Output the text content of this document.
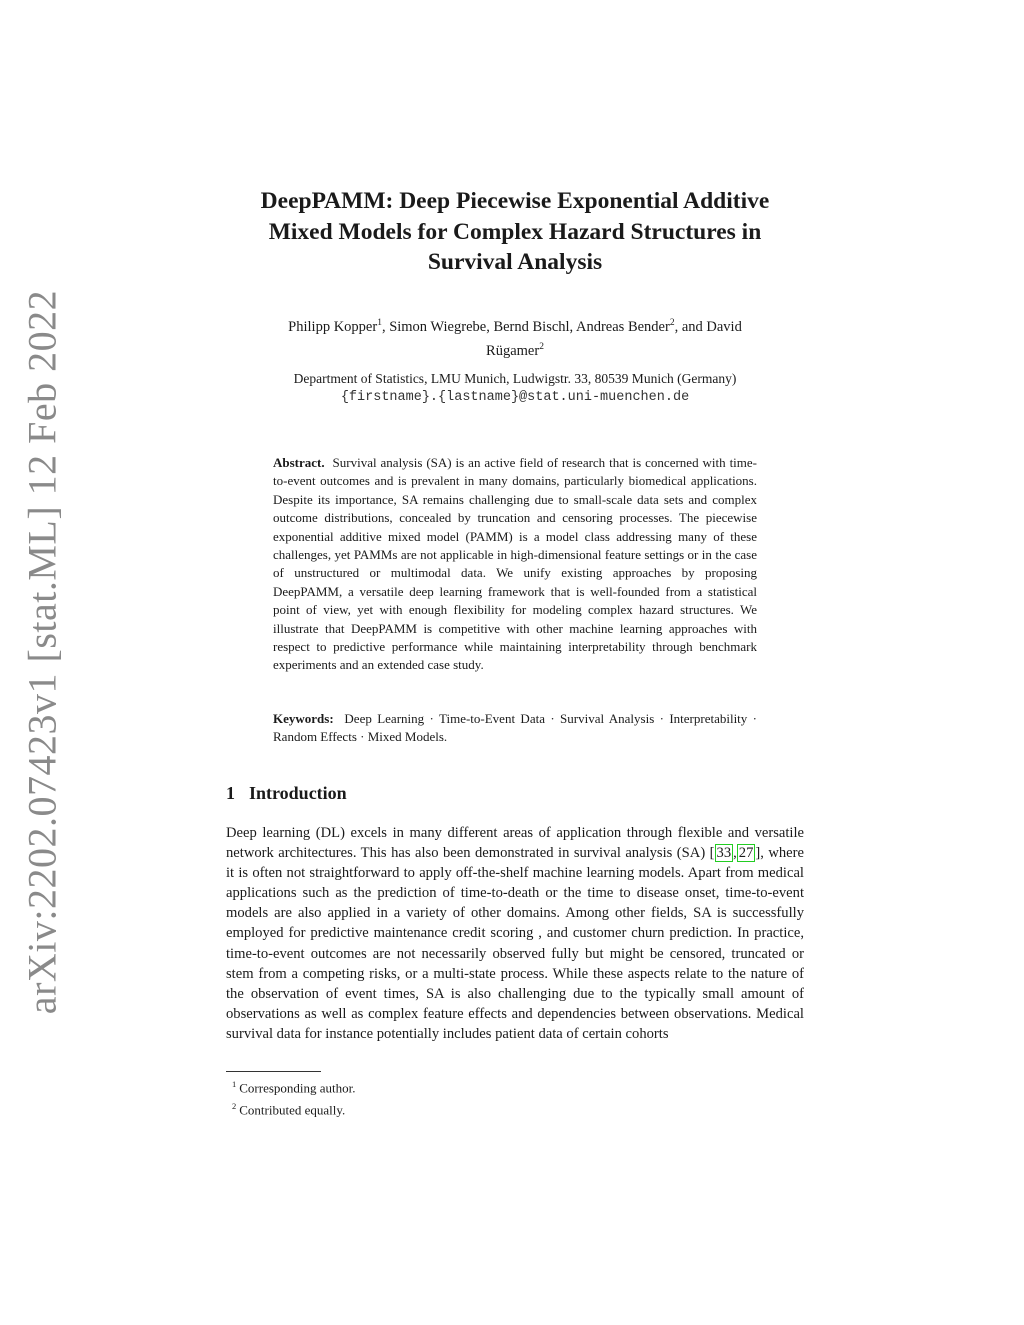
arXiv:2202.07423v1 [stat.ML] 12 Feb 2022
DeepPAMM: Deep Piecewise Exponential Additive
Mixed Models for Complex Hazard Structures in
Survival Analysis
Philipp Kopper$^1$, Simon Wiegrebe, Bernd Bischl, Andreas Bender$^2$, and David
Rügamer$^2$
Department of Statistics, LMU Munich, Ludwigstr. 33, 80539 Munich (Germany)
{firstname}.{lastname}@stat.uni-muenchen.de
Abstract. Survival analysis (SA) is an active field of research that is concerned with time-to-event outcomes and is prevalent in many domains, particularly biomedical applications. Despite its importance, SA remains challenging due to small-scale data sets and complex outcome distributions, concealed by truncation and censoring processes. The piecewise exponential additive mixed model (PAMM) is a model class addressing many of these challenges, yet PAMMs are not applicable in high-dimensional feature settings or in the case of unstructured or multimodal data. We unify existing approaches by proposing DeepPAMM, a versatile deep learning framework that is well-founded from a statistical point of view, yet with enough flexibility for modeling complex hazard structures. We illustrate that DeepPAMM is competitive with other machine learning approaches with respect to predictive performance while maintaining interpretability through benchmark experiments and an extended case study.
Keywords: Deep Learning · Time-to-Event Data · Survival Analysis · Interpretability · Random Effects · Mixed Models.
1 Introduction

Deep learning (DL) excels in many different areas of application through flexible and versatile network architectures. This has also been demonstrated in survival analysis (SA) [ 33 , 27 ], where it is often not straightforward to apply off-the-shelf machine learning models. Apart from medical applications such as the prediction of time-to-death or the time to disease onset, time-to-event models are also applied in a variety of other domains. Among other fields, SA is successfully employed for predictive maintenance credit scoring , and customer churn prediction. In practice, time-to-event outcomes are not necessarily observed fully but might be censored, truncated or stem from a competing risks, or a multi-state process. While these aspects relate to the nature of the observation of event times, SA is also challenging due to the typically small amount of observations as well as complex feature effects and dependencies between observations. Medical survival data for instance potentially includes patient data of certain cohorts

$^1$ Corresponding author.
$^2$ Contributed equally.
